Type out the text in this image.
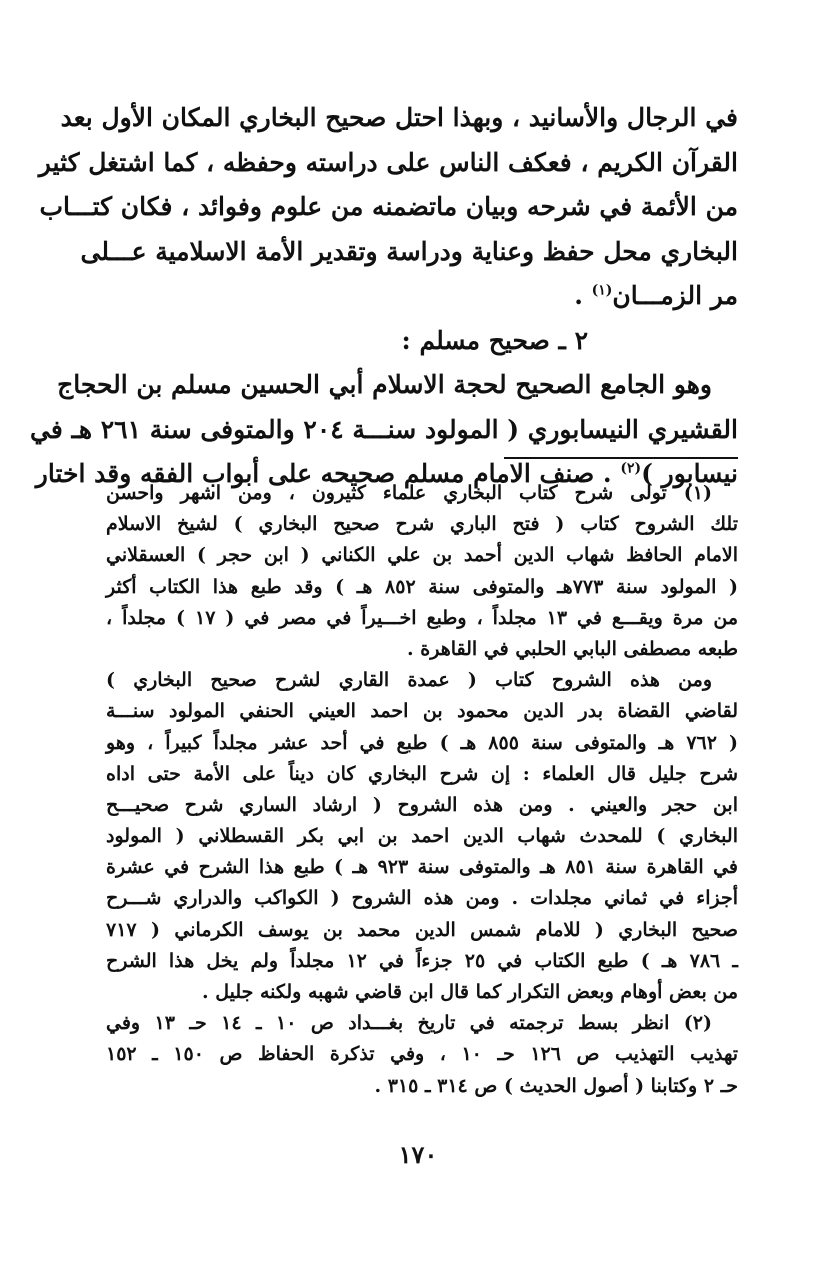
في الرجال والأسانيد ، وبهذا احتل صحيح البخاري المكان الأول بعد
القرآن الكريم ، فعكف الناس على دراسته وحفظه ، كما اشتغل كثير
من الأئمة في شرحه وبيان ماتضمنه من علوم وفوائد ، فكان كتـــاب
البخاري محل حفظ وعناية ودراسة وتقدير الأمة الاسلامية عـــلى
مر الزمـــان$^{(١)}$ .
٢ ـ صحيح مسلم :
وهو الجامع الصحيح لحجة الاسلام أبي الحسين مسلم بن الحجاج
القشيري النيسابوري ( المولود سنـــة ٢٠٤ والمتوفى سنة ٢٦١ هـ في
نيسابور )$^{(٢)}$ . صنف الامام مسلم صحيحه على أبواب الفقه وقد اختار
(١) تولى شرح كتاب البخاري علماء كثيرون ، ومن اشهر واحسن
تلك الشروح كتاب ( فتح الباري شرح صحيح البخاري ) لشيخ الاسلام
الامام الحافظ شهاب الدين أحمد بن علي الكناني ( ابن حجر ) العسقلاني
( المولود سنة ٧٧٣هـ والمتوفى سنة ٨٥٢ هـ ) وقد طبع هذا الكتاب أكثر
من مرة ويقـــع في ١٣ مجلداً ، وطبع اخـــيراً في مصر في ( ١٧ ) مجلداً ،
طبعه مصطفى البابي الحلبي في القاهرة .
ومن هذه الشروح كتاب ( عمدة القاري لشرح صحيح البخاري )
لقاضي القضاة بدر الدين محمود بن احمد العيني الحنفي المولود سنـــة
( ٧٦٢ هـ والمتوفى سنة ٨٥٥ هـ ) طبع في أحد عشر مجلداً كبيراً ، وهو
شرح جليل قال العلماء : إن شرح البخاري كان ديناً على الأمة حتى اداه
ابن حجر والعيني . ومن هذه الشروح ( ارشاد الساري شرح صحيـــح
البخاري ) للمحدث شهاب الدين احمد بن ابي بكر القسطلاني ( المولود
في القاهرة سنة ٨٥١ هـ والمتوفى سنة ٩٢٣ هـ ) طبع هذا الشرح في عشرة
أجزاء في ثماني مجلدات . ومن هذه الشروح ( الكواكب والدراري شـــرح
صحيح البخاري ( للامام شمس الدين محمد بن يوسف الكرماني ( ٧١٧
ـ ٧٨٦ هـ ) طبع الكتاب في ٢٥ جزءاً في ١٢ مجلداً ولم يخل هذا الشرح
من بعض أوهام وبعض التكرار كما قال ابن قاضي شهبه ولكنه جليل .
(٢) انظر بسط ترجمته في تاريخ بغـــداد ص ١٠ ـ ١٤ حـ ١٣ وفي
تهذيب التهذيب ص ١٢٦ حـ ١٠ ، وفي تذكرة الحفاظ ص ١٥٠ ـ ١٥٢
حـ ٢ وكتابنا ( أصول الحديث ) ص ٣١٤ ـ ٣١٥ .
١٧٠
